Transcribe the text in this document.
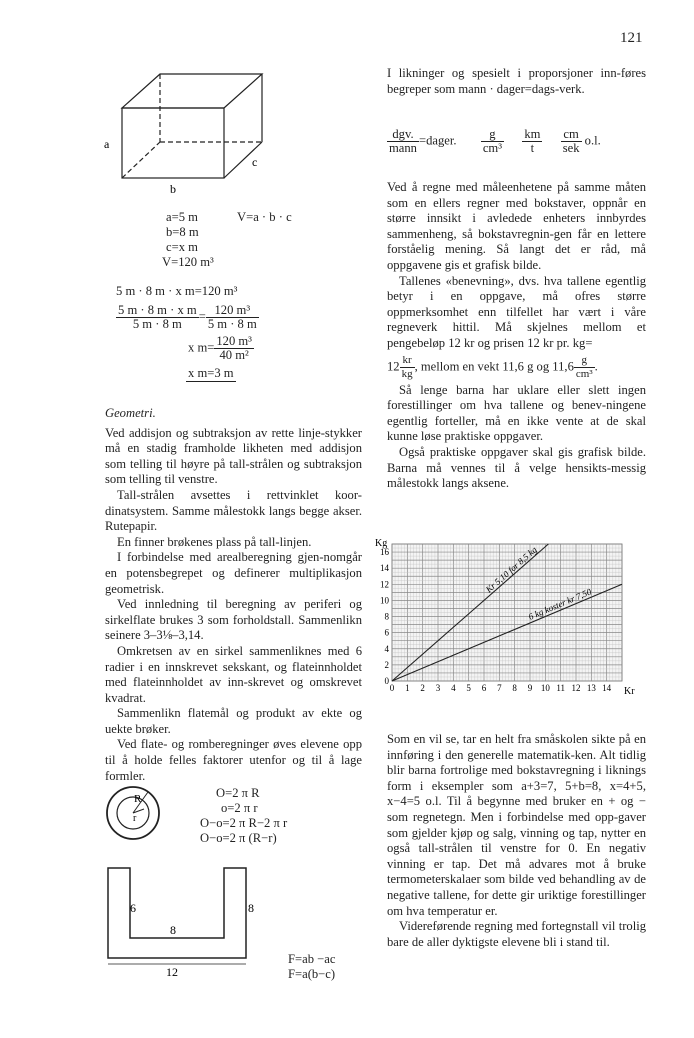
121
a
c
b
a=5 m	V=a · b · c
b=8 m
c=x m
V=120 m³
5 m · 8 m · x m=120 m³
$\frac{\text{5 m · 8 m · x m}}{5 m \cdot 8 m} = \frac{\text{120 m³}}{5 m \cdot 8 m}$
x $m= \frac{\text{120 m³}}{\text{40 m²}}$
x m=3 m

Geometri.

Ved addisjon og subtraksjon av rette linje-stykker må en stadig framholde likheten med addisjon som telling til høyre på tall-strålen og subtraksjon som telling til venstre.

Tall-strålen avsettes i rettvinklet koor-dinatsystem. Samme målestokk langs begge akser. Rutepapir.

En finner brøkenes plass på tall-linjen.

I forbindelse med arealberegning gjen-nomgår en potensbegrepet og definerer multiplikasjon geometrisk.

Ved innledning til beregning av periferi og sirkelflate brukes 3 som forholdstall. Sammenlikn seinere 3–3⅛–3,14.

Omkretsen av en sirkel sammenliknes med 6 radier i en innskrevet sekskant, og flateinnholdet med flateinnholdet av inn-skrevet og omskrevet kvadrat.

Sammenlikn flatemål og produkt av ekte og uekte brøker.

Ved flate- og romberegninger øves elevene opp til å holde felles faktorer utenfor og til å lage formler.

R
r
O=2 π R
o=2 π r
O−o=2 π R−2 π r
O−o=2 π (R−r)
6	8
8
12
F=ab −ac
F=a(b−c)
I likninger og spesielt i proporsjoner inn-føres begreper som mann · dager=dags-verk.
$\frac{\text{dgv.}}{\text{mann}}$ =dager. $\frac{g}{\text{cm³}}$
$\frac{km}{t}$
$\frac{cm}{\text{sek}} o.l$.

Ved å regne med måleenhetene på samme måten som en ellers regner med bokstaver, oppnår en større innsikt i avledede enheters innbyrdes sammenheng, så bokstavregnin-gen får en lettere forståelig mening. Så langt det er råd, må oppgavene gis et grafisk bilde.

Tallenes «benevning», dvs. hva tallene egentlig betyr i en oppgave, må ofres større oppmerksomhet enn tilfellet har vært i våre regneverk hittil. Må skjelnes mellom et pengebeløp 12 kr og prisen 12 kr pr. kg=

$12 \frac{kr}{kg}$ , mellom en vekt 11,6 g og $11,6 \frac{g}{\text{cm³}}$ .

Så lenge barna har uklare eller slett ingen forestillinger om hva tallene og benev-ningene egentlig forteller, må en ikke vente at de skal kunne løse praktiske oppgaver.

Også praktiske oppgaver skal gis grafisk bilde. Barna må vennes til å velge hensikts-messig målestokk langs aksene.

0 1 2 3 4 5 6 7 8 9 10 11 12 13 14
0
2
4
6
8
10
12
14
16
Kg
Kr
Kr 5,10 for 8,5 kg
6 kg koster kr 7,50

Som en vil se, tar en helt fra småskolen sikte på en innføring i den generelle matematik-ken. Alt tidlig blir barna fortrolige med bokstavregning i liknings form i eksempler som a+3=7, 5+b=8, x=4+5, x−4=5 o.l. Til å begynne med bruker en + og − som regnetegn. Men i forbindelse med opp-gaver som gjelder kjøp og salg, vinning og tap, nytter en også tall-strålen til venstre for 0. En negativ vinning er tap. Det må advares mot å bruke termometerskalaer som bilde ved behandling av de negative tallene, for dette gir uriktige forestillinger om hva temperatur er.

Videreførende regning med fortegnstall vil trolig bare de aller dyktigste elevene bli i stand til.
